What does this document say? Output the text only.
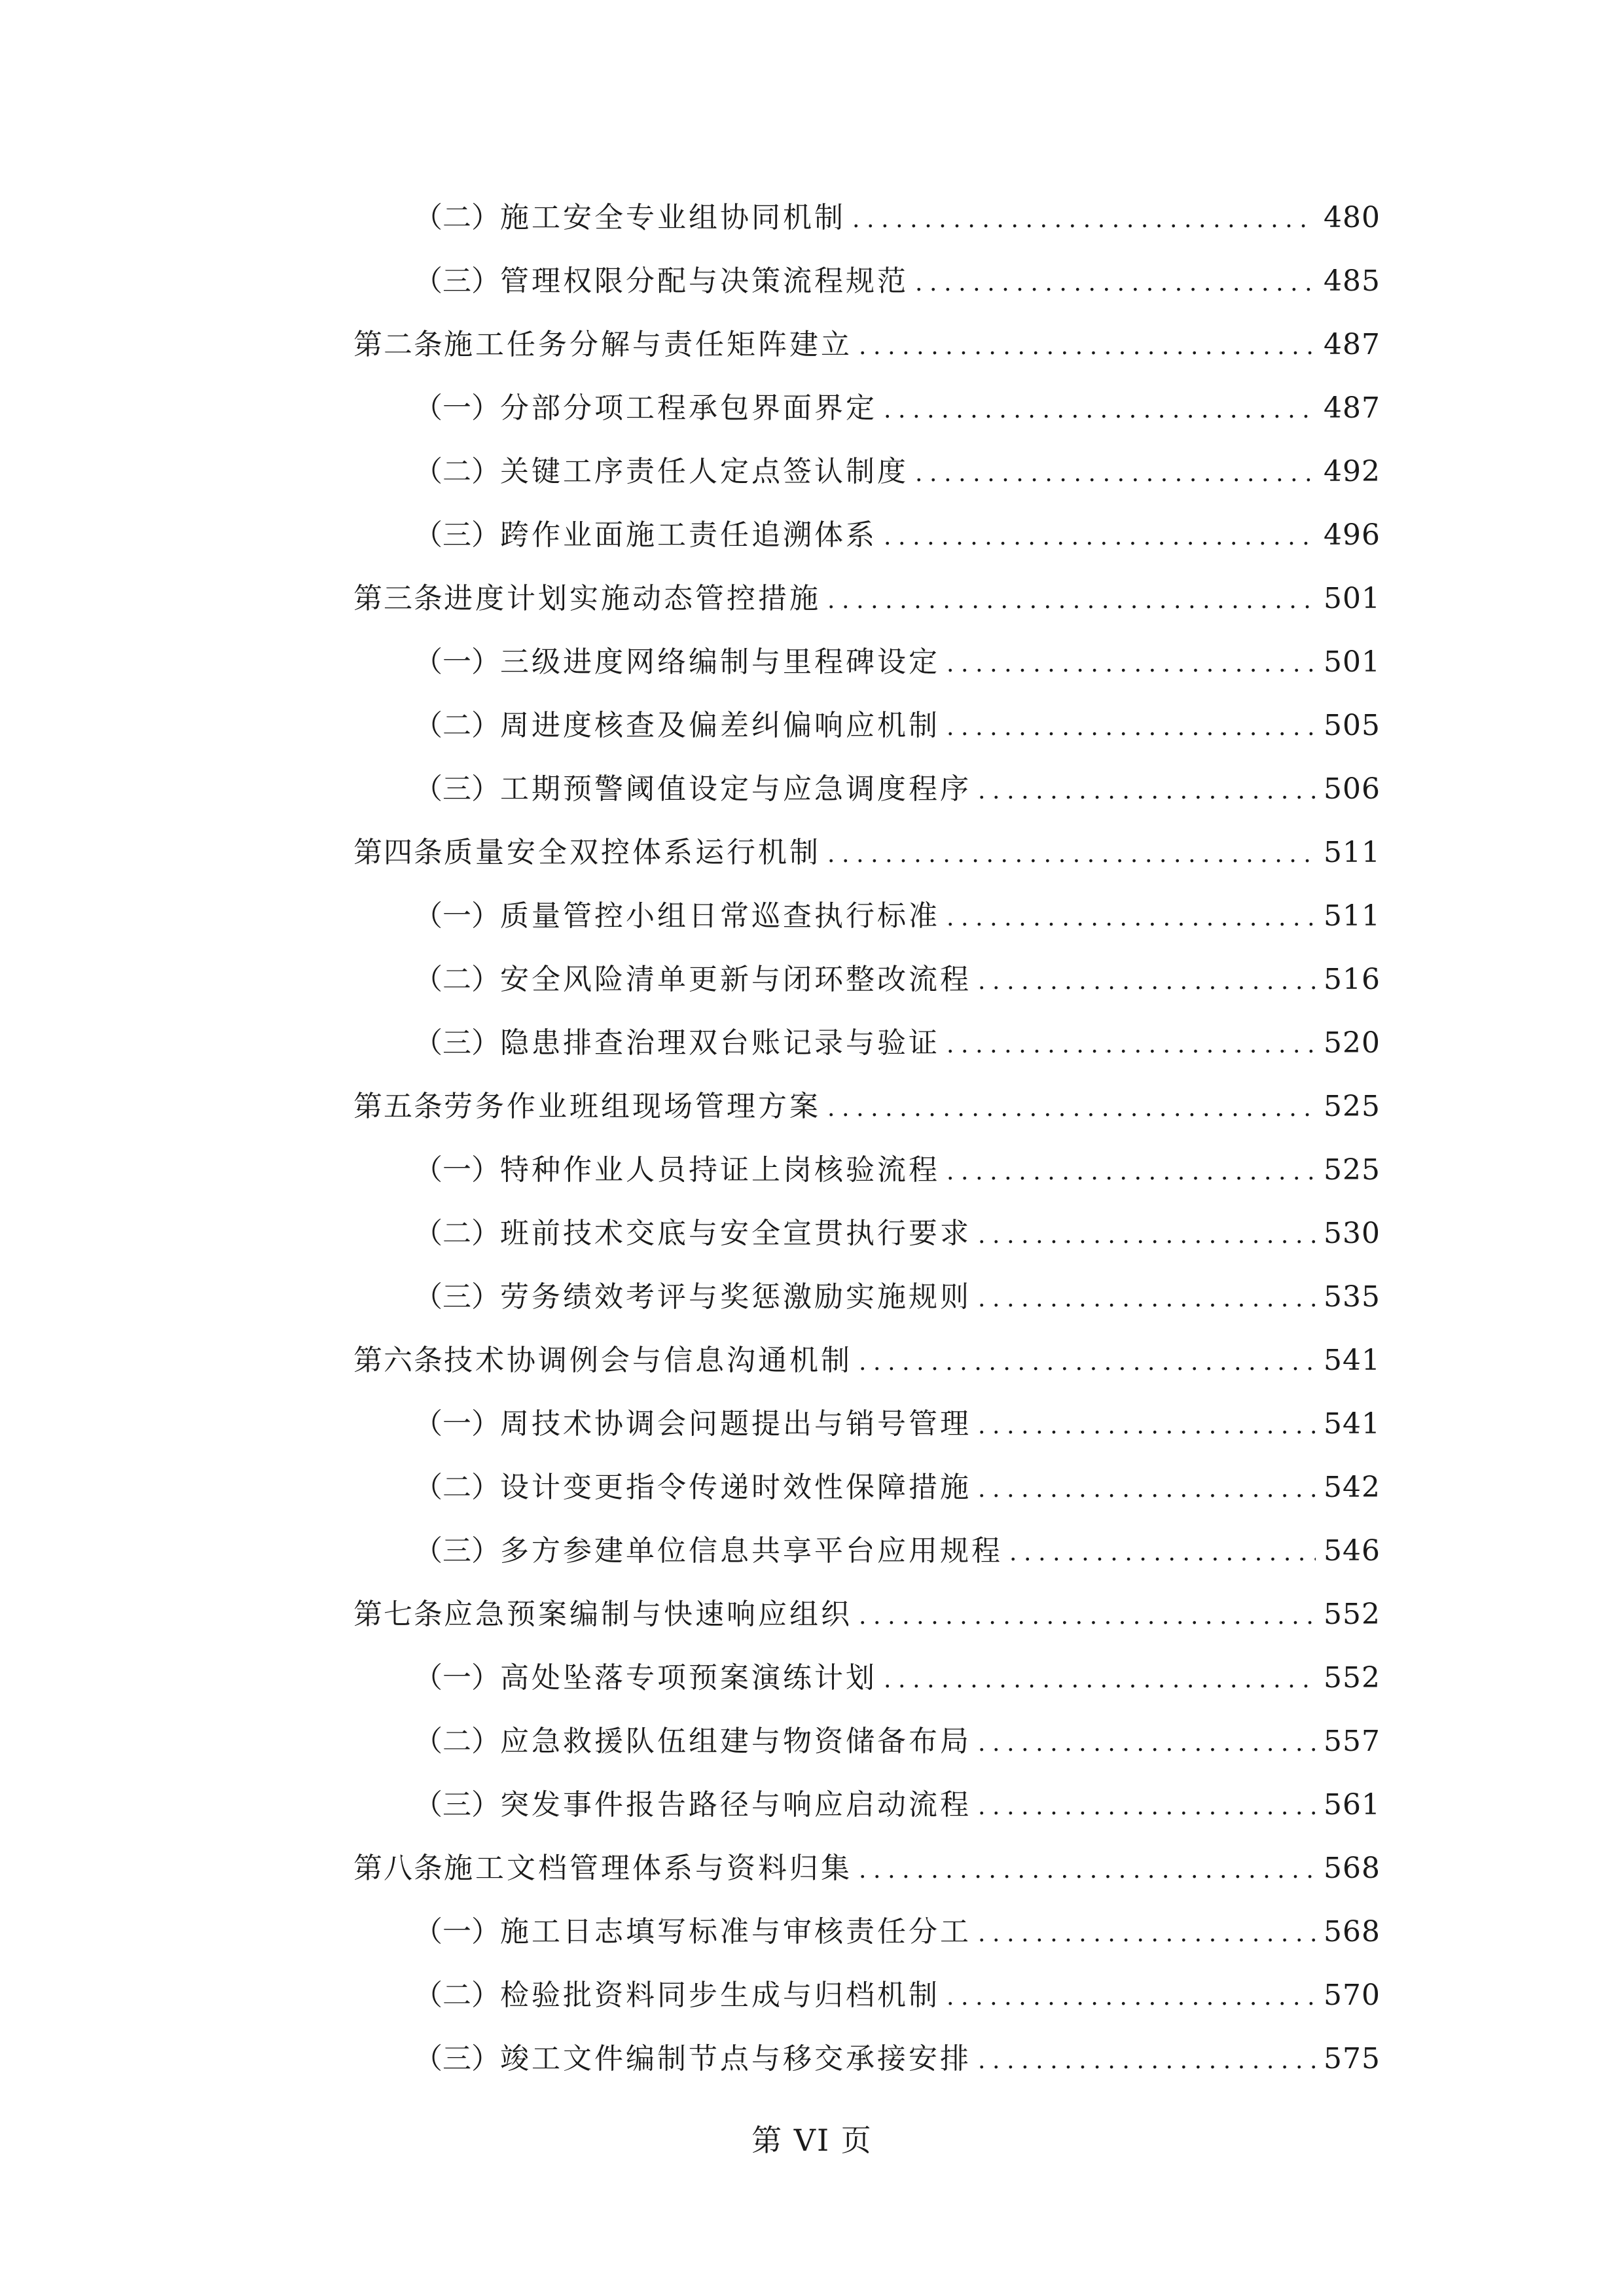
（二） 施工安全专业组协同机制 .....	480
（三） 管理权限分配与决策流程规范 .....	485
第二条 施工任务分解与责任矩阵建立 .....	487
（一） 分部分项工程承包界面界定 .....	487
（二） 关键工序责任人定点签认制度 .....	492
（三） 跨作业面施工责任追溯体系 .....	496
第三条 进度计划实施动态管控措施 .....	501
（一） 三级进度网络编制与里程碑设定 .....	501
（二） 周进度核查及偏差纠偏响应机制 .....	505
（三） 工期预警阈值设定与应急调度程序 .....	506
第四条 质量安全双控体系运行机制 .....	511
（一） 质量管控小组日常巡查执行标准 .....	511
（二） 安全风险清单更新与闭环整改流程 .....	516
（三） 隐患排查治理双台账记录与验证 .....	520
第五条 劳务作业班组现场管理方案 .....	525
（一） 特种作业人员持证上岗核验流程 .....	525
（二） 班前技术交底与安全宣贯执行要求 .....	530
（三） 劳务绩效考评与奖惩激励实施规则 .....	535
第六条 技术协调例会与信息沟通机制 .....	541
（一） 周技术协调会问题提出与销号管理 .....	541
（二） 设计变更指令传递时效性保障措施 .....	542
（三） 多方参建单位信息共享平台应用规程 .....	546
第七条 应急预案编制与快速响应组织 .....	552
（一） 高处坠落专项预案演练计划 .....	552
（二） 应急救援队伍组建与物资储备布局 .....	557
（三） 突发事件报告路径与响应启动流程 .....	561
第八条 施工文档管理体系与资料归集 .....	568
（一） 施工日志填写标准与审核责任分工 .....	568
（二） 检验批资料同步生成与归档机制 .....	570
（三） 竣工文件编制节点与移交承接安排 .....	575
第 VI 页
